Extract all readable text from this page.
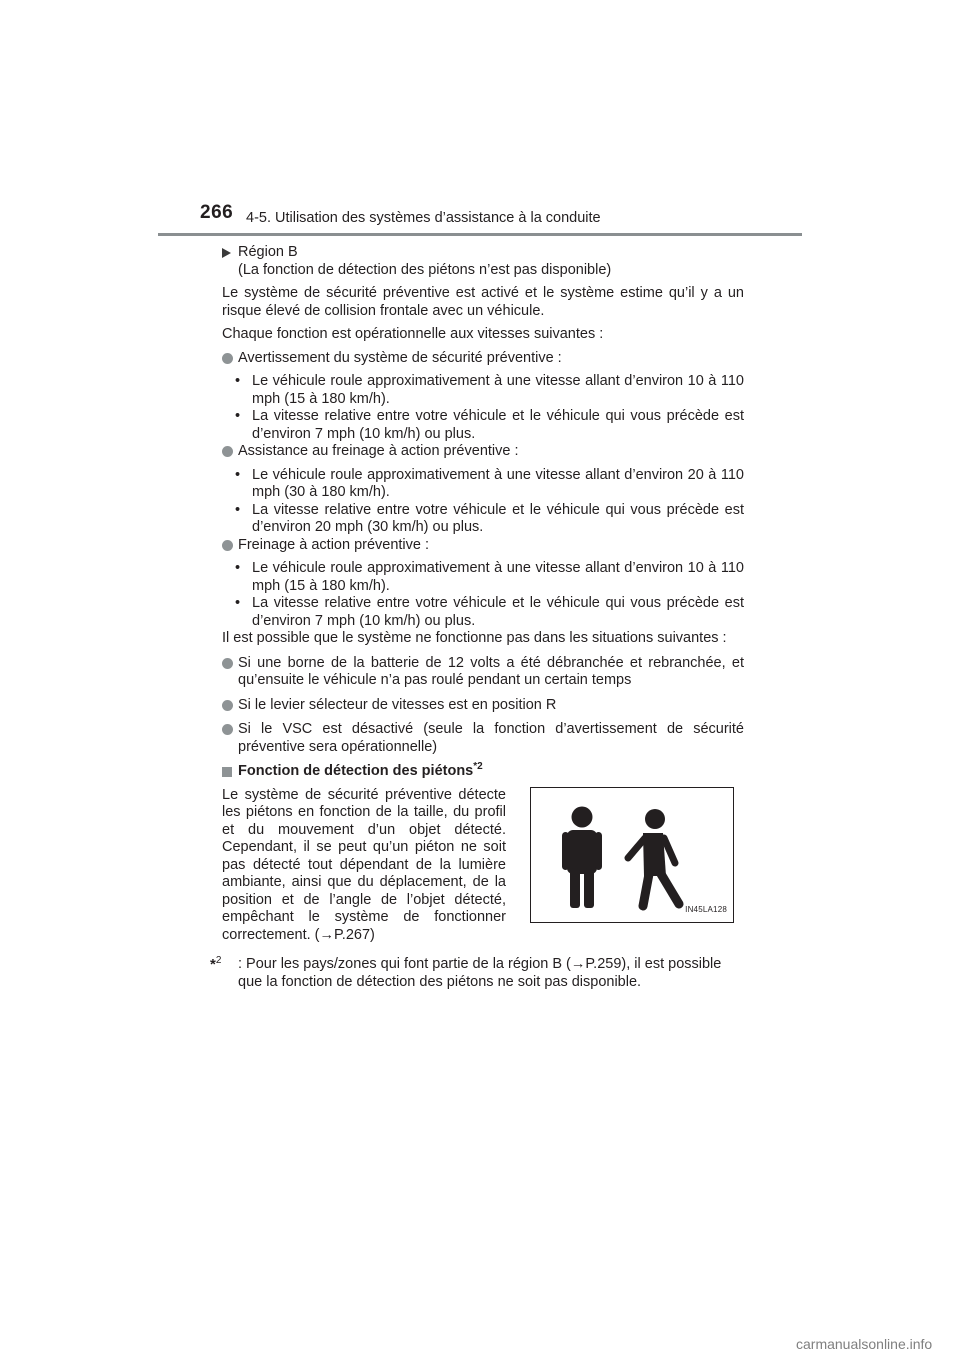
266 4-5. Utilisation des systèmes d’assistance à la conduite
Région B
(La fonction de détection des piétons n’est pas disponible)

Le système de sécurité préventive est activé et le système estime qu’il y a un risque élevé de collision frontale avec un véhicule.

Chaque fonction est opérationnelle aux vitesses suivantes :

Avertissement du système de sécurité préventive :
• Le véhicule roule approximativement à une vitesse allant d’environ 10 à 110 mph (15 à 180 km/h).
• La vitesse relative entre votre véhicule et le véhicule qui vous précède est d’environ 7 mph (10 km/h) ou plus.
Assistance au freinage à action préventive :
• Le véhicule roule approximativement à une vitesse allant d’environ 20 à 110 mph (30 à 180 km/h).
• La vitesse relative entre votre véhicule et le véhicule qui vous précède est d’environ 20 mph (30 km/h) ou plus.
Freinage à action préventive :
• Le véhicule roule approximativement à une vitesse allant d’environ 10 à 110 mph (15 à 180 km/h).
• La vitesse relative entre votre véhicule et le véhicule qui vous précède est d’environ 7 mph (10 km/h) ou plus.

Il est possible que le système ne fonctionne pas dans les situations suivantes :

Si une borne de la batterie de 12 volts a été débranchée et rebranchée, et qu’ensuite le véhicule n’a pas roulé pendant un certain temps
Si le levier sélecteur de vitesses est en position R
Si le VSC est désactivé (seule la fonction d’avertissement de sécurité préventive sera opérationnelle)
Fonction de détection des piétons$^{*2}$

Le système de sécurité préventive détecte les piétons en fonction de la taille, du profil et du mouvement d’un objet détecté. Cependant, il se peut qu’un piéton ne soit pas détecté tout dépendant de la lumière ambiante, ainsi que du déplacement, de la position et de l’angle de l’objet détecté, empêchant le système de fonctionner correctement. (→P.267)

IN45LA128
*$^2$ : Pour les pays/zones qui font partie de la région B (→P.259), il est possible
que la fonction de détection des piétons ne soit pas disponible.
carmanualsonline.info
